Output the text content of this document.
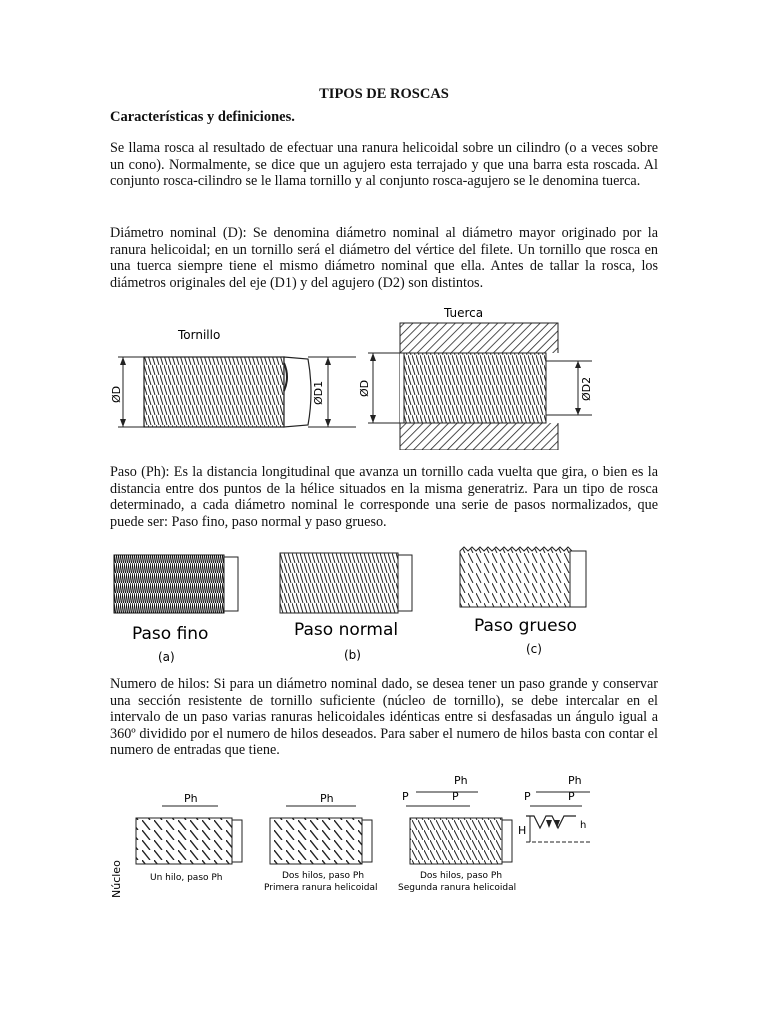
TIPOS DE ROSCAS
Características y definiciones.

Se llama rosca al resultado de efectuar una ranura helicoidal sobre un cilindro (o a veces sobre un cono). Normalmente, se dice que un agujero esta terrajado y que una barra esta roscada. Al conjunto rosca-cilindro se le llama tornillo y al conjunto rosca-agujero se le denomina tuerca.

Diámetro nominal (D): Se denomina diámetro nominal al diámetro mayor originado por la ranura helicoidal; en un tornillo será el diámetro del vértice del filete. Un tornillo que rosca en una tuerca siempre tiene el mismo diámetro nominal que ella. Antes de tallar la rosca, los diámetros originales del eje (D1) y del agujero (D2) son distintos.

Tornillo
ØD	ØD1
Tuerca
ØD	ØD2

Paso (Ph): Es la distancia longitudinal que avanza un tornillo cada vuelta que gira, o bien es la distancia entre dos puntos de la hélice situados en la misma generatriz. Para un tipo de rosca determinado, a cada diámetro nominal le corresponde una serie de pasos normalizados, que puede ser: Paso fino, paso normal y paso grueso.

Paso fino
(a)
Paso normal
(b)
Paso grueso
(c)

Numero de hilos: Si para un diámetro nominal dado, se desea tener un paso grande y conservar una sección resistente de tornillo suficiente (núcleo de tornillo), se debe intercalar en el intervalo de un paso varias ranuras helicoidales idénticas entre si desfasadas un ángulo igual a 360º dividido por el numero de hilos deseados. Para saber el numero de hilos basta con contar el numero de entradas que tiene.

Núcleo
Ph
Un hilo, paso Ph
Ph
Dos hilos, paso Ph
Primera ranura helicoidal
Ph
P	P
Dos hilos, paso Ph
Segunda ranura helicoidal
Ph
P	P
H	h
